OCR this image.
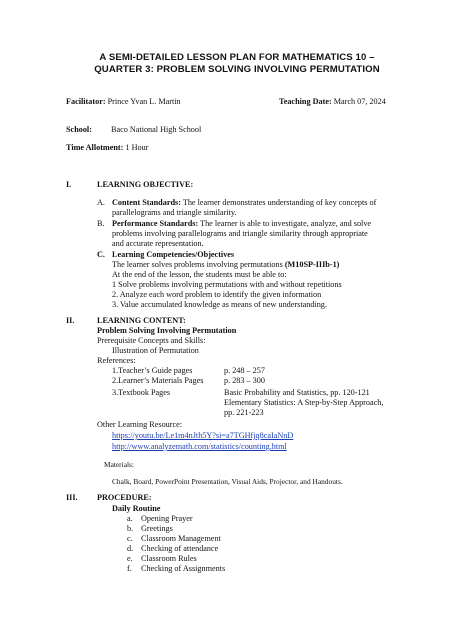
A SEMI-DETAILED LESSON PLAN FOR MATHEMATICS 10 –
QUARTER 3: PROBLEM SOLVING INVOLVING PERMUTATION
Facilitator: Prince Yvan L. Martin	Teaching Date: March 07, 2024
School: Baco National High School
Time Allotment: 1 Hour
I.	LEARNING OBJECTIVE:
A. Content Standards: The learner demonstrates understanding of key concepts of
parallelograms and triangle similarity.
B. Performance Standards: The learner is able to investigate, analyze, and solve
problems involving parallelograms and triangle similarity through appropriate
and accurate representation.
C. Learning Competencies/Objectives
The learner solves problems involving permutations (M10SP-IIIb-1)
At the end of the lesson, the students must be able to:
1 Solve problems involving permutations with and without repetitions
2. Analyze each word problem to identify the given information
3. Value accumulated knowledge as means of new understanding.
II.	LEARNING CONTENT:
Problem Solving Involving Permutation
Prerequisite Concepts and Skills:
Illustration of Permutation
References:
1.Teacher’s Guide pages	p. 248 – 257
2.Learner’s Materials Pages	p. 283 – 300
3.Textbook Pages	Basic Probability and Statistics, pp. 120-121
Elementary Statistics: A Step-by-Step Approach,
pp. 221-223
Other Learning Resource:
https://youtu.be/Le1m4nJth5Y?si=a7TGHfjq8caIaNnD
http://www.analyzemath.com/statistics/counting.html
Materials:
Chalk, Board, PowerPoint Presentation, Visual Aids, Projector, and Handouts.
III. PROCEDURE:
Daily Routine
a. Opening Prayer
b. Greetings
c. Classroom Management
d. Checking of attendance
e. Classroom Rules
f. Checking of Assignments
